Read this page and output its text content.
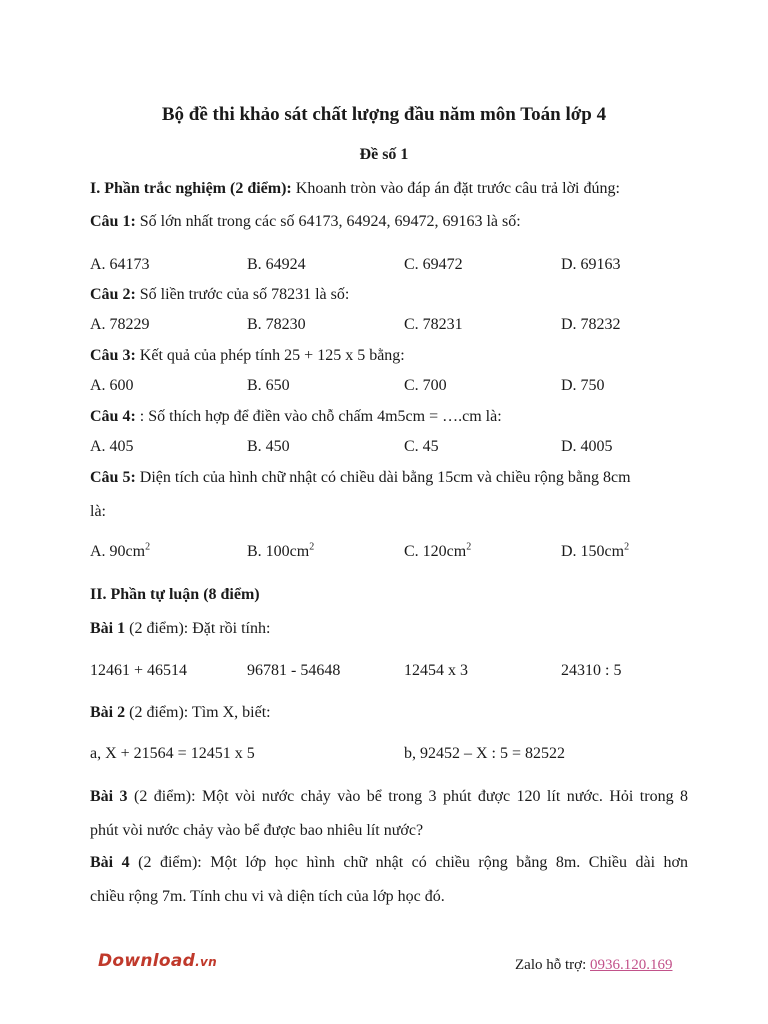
Bộ đề thi khảo sát chất lượng đầu năm môn Toán lớp 4
Đề số 1
I. Phần trắc nghiệm (2 điểm): Khoanh tròn vào đáp án đặt trước câu trả lời đúng:
Câu 1: Số lớn nhất trong các số 64173, 64924, 69472, 69163 là số:
A. 64173	B. 64924	C. 69472	D. 69163
Câu 2: Số liền trước của số 78231 là số:
A. 78229	B. 78230	C. 78231	D. 78232
Câu 3: Kết quả của phép tính 25 + 125 x 5 bằng:
A. 600	B. 650	C. 700	D. 750
Câu 4: : Số thích hợp để điền vào chỗ chấm 4m5cm = ….cm là:
A. 405	B. 450	C. 45	D. 4005
Câu 5: Diện tích của hình chữ nhật có chiều dài bằng 15cm và chiều rộng bằng 8cm
là:
A. $90cm^2$	B. $100cm^2$	C. $120cm^2$	D. $150cm^2$
II. Phần tự luận (8 điểm)
Bài 1 (2 điểm): Đặt rồi tính:
12461 + 46514	96781 - 54648	12454 x 3	24310 : 5
Bài 2 (2 điểm): Tìm X, biết:
a, X + 21564 = 12451 x 5	b, 92452 – X : 5 = 82522
Bài 3 (2 điểm): Một vòi nước chảy vào bể trong 3 phút được 120 lít nước. Hỏi trong 8
phút vòi nước chảy vào bể được bao nhiêu lít nước?
Bài 4 (2 điểm): Một lớp học hình chữ nhật có chiều rộng bằng 8m. Chiều dài hơn
chiều rộng 7m. Tính chu vi và diện tích của lớp học đó.
Download.vn	Zalo hỗ trợ: 0936.120.169
